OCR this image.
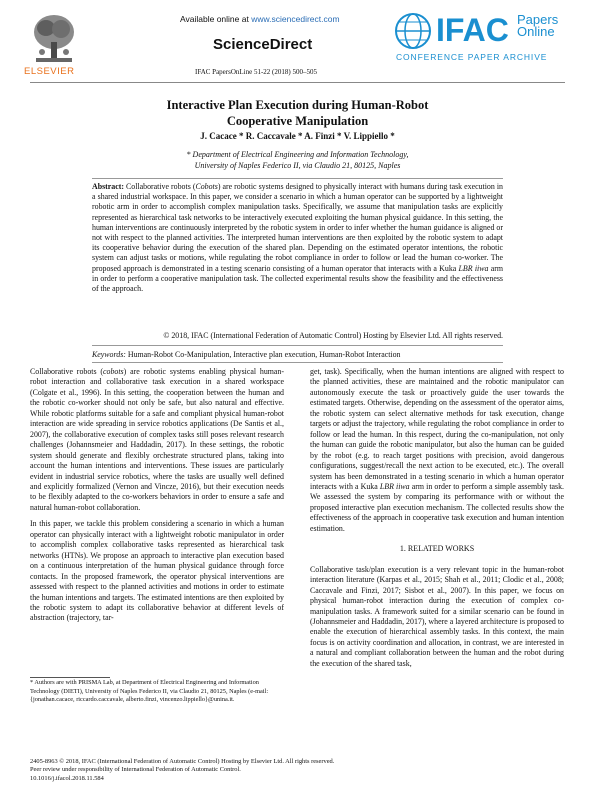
ELSEVIER
Available online at www.sciencedirect.com
ScienceDirect
IFAC PapersOnLine 51-22 (2018) 500–505
IFAC Papers
Online
CONFERENCE PAPER ARCHIVE
Interactive Plan Execution during Human-Robot
Cooperative Manipulation
J. Cacace * R. Caccavale * A. Finzi * V. Lippiello *
* Department of Electrical Engineering and Information Technology,
University of Naples Federico II, via Claudio 21, 80125, Naples
Abstract: Collaborative robots (Cobots) are robotic systems designed to physically interact with humans during task execution in a shared industrial workspace. In this paper, we consider a scenario in which a human operator can be supported by a lightweight robotic arm in order to accomplish complex manipulation tasks. Specifically, we assume that manipulation tasks are explicitly represented as hierarchical task networks to be interactively executed exploiting the human physical guidance. In this setting, the human interventions are continuously interpreted by the robotic system in order to infer whether the human guidance is aligned or not with respect to the planned activities. The interpreted human interventions are then exploited by the robotic system to adapt its cooperative behavior during the execution of the shared plan. Depending on the estimated operator intentions, the robotic system can adjust tasks or motions, while regulating the robot compliance in order to follow or lead the human co-worker. The proposed approach is demonstrated in a testing scenario consisting of a human operator that interacts with a Kuka LBR iiwa arm in order to perform a cooperative manipulation task. The collected experimental results show the feasibility and the effectiveness of the approach.
© 2018, IFAC (International Federation of Automatic Control) Hosting by Elsevier Ltd. All rights reserved.
Keywords: Human-Robot Co-Manipulation, Interactive plan execution, Human-Robot Interaction

Collaborative robots (cobots) are robotic systems enabling physical human-robot interaction and collaborative task execution in a shared workspace (Colgate et al., 1996). In this setting, the cooperation between the human and the robotic co-worker should not only be safe, but also natural and effective. While robotic platforms suitable for a safe and compliant physical human-robot interaction are wide spreading in service robotics applications (De Santis et al., 2007), the collaborative execution of complex tasks still poses relevant research challenges (Johannsmeier and Haddadin, 2017). In these settings, the robotic system should generate and flexibly orchestrate structured plans, taking into account the human intentions and interventions. These issues are particularly evident in industrial service robotics, where the tasks are usually well defined and explicitly formalized (Vernon and Vincze, 2016), but their execution needs to be flexibly adapted to the co-workers behaviors in order to ensure a safe and natural human-robot collaboration.

In this paper, we tackle this problem considering a scenario in which a human operator can physically interact with a lightweight robotic manipulator in order to accomplish complex collaborative tasks represented as hierarchical task networks (HTNs). We propose an approach to interactive plan execution based on a continuous interpretation of the human physical guidance through force contacts. In the proposed framework, the operator physical interventions are assessed with respect to the planned activities and motions in order to estimate the human intentions and targets. The estimated intentions are then exploited by the robotic system to adapt its collaborative behavior at different levels of abstraction (trajectory, tar-

get, task). Specifically, when the human intentions are aligned with respect to the planned activities, these are maintained and the robotic manipulator can autonomously execute the task or proactively guide the user towards the estimated targets. Otherwise, depending on the assessment of the operator aims, the robotic system can select alternative methods for task execution, change targets or adjust the trajectory, while regulating the robot compliance in order to follow or lead the human. In this respect, during the co-manipulation, not only the human can guide the robotic manipulator, but also the human can be guided by the robot (e.g. to reach target positions with precision, avoid dangerous configurations, suggest/recall the next action to be executed, etc.). The overall system has been demonstrated in a testing scenario in which a human operator interacts with a Kuka LBR iiwa arm in order to perform a simple assembly task. We assessed the system by comparing its performance with or without the proposed interactive plan execution mechanism. The collected results show the effectiveness of the approach in cooperative task execution and human intention estimation.

1. RELATED WORKS

Collaborative task/plan execution is a very relevant topic in the human-robot interaction literature (Karpas et al., 2015; Shah et al., 2011; Clodic et al., 2008; Caccavale and Finzi, 2017; Sisbot et al., 2007). In this paper, we focus on physical human-robot interaction during the execution of complex co-manipulation tasks. A framework suited for a similar scenario can be found in (Johannsmeier and Haddadin, 2017), where a layered architecture is proposed to enable the execution of hierarchical assembly tasks. In this context, the main focus is on activity coordination and allocation, in contrast, we are interested in a natural and compliant collaboration between the human and the robot during the execution of the shared task,

* Authors are with PRISMA Lab, at Department of Electrical Engineering and Information Technology (DIETI), University of Naples Federico II, via Claudio 21, 80125, Naples (e-mail: {jonathan.cacace, riccardo.caccavale, alberto.finzi, vincenzo.lippiello}@unina.it.
2405-8963 © 2018, IFAC (International Federation of Automatic Control) Hosting by Elsevier Ltd. All rights reserved.
Peer review under responsibility of International Federation of Automatic Control.
10.1016/j.ifacol.2018.11.584
